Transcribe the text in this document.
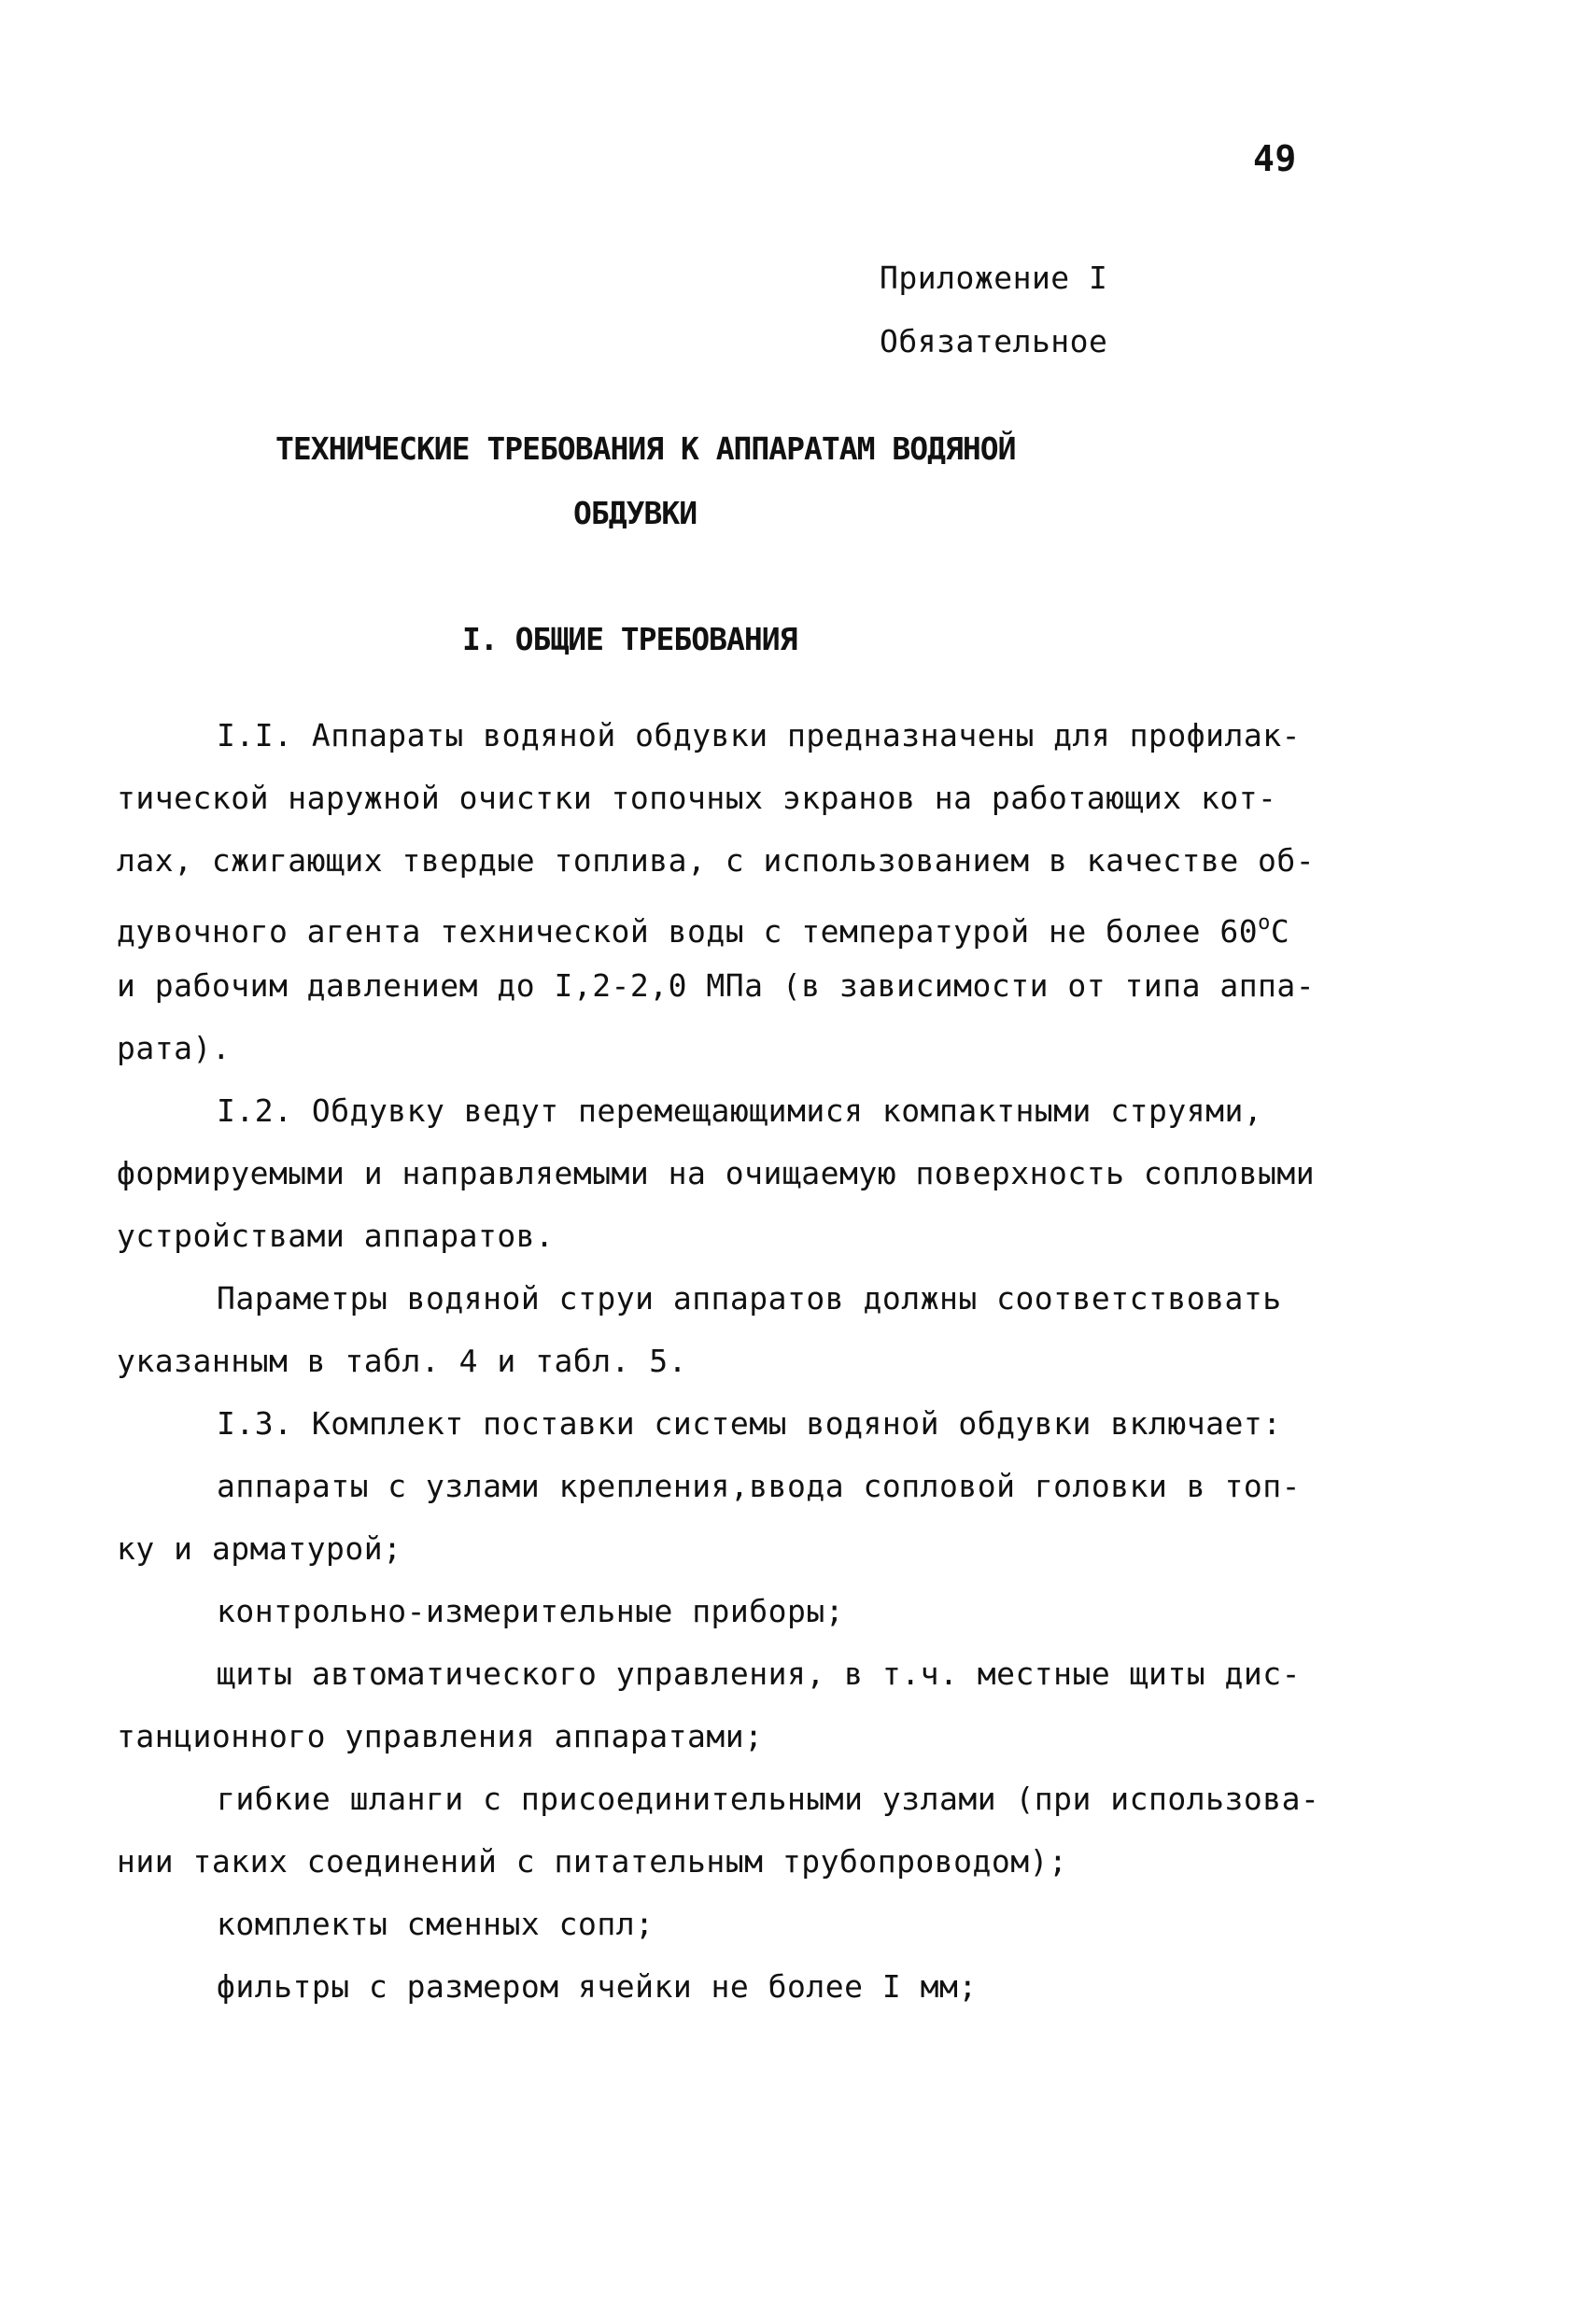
49
Приложение I
Обязательное
ТЕХНИЧЕСКИЕ ТРЕБОВАНИЯ К АППАРАТАМ ВОДЯНОЙ
ОБДУВКИ
I. ОБЩИЕ ТРЕБОВАНИЯ
I.I. Аппараты водяной обдувки предназначены для профилак-
тической наружной очистки топочных экранов на работающих кот-
лах, сжигающих твердые топлива, с использованием в качестве об-
дувочного агента технической воды с температурой не более $60^оС$
и рабочим давлением до I,2-2,0 МПа (в зависимости от типа аппа-
рата).
I.2. Обдувку ведут перемещающимися компактными струями,
формируемыми и направляемыми на очищаемую поверхность сопловыми
устройствами аппаратов.
Параметры водяной струи аппаратов должны соответствовать
указанным в табл. 4 и табл. 5.
I.3. Комплект поставки системы водяной обдувки включает:
аппараты с узлами крепления,ввода сопловой головки в топ-
ку и арматурой;
контрольно-измерительные приборы;
щиты автоматического управления, в т.ч. местные щиты дис-
танционного управления аппаратами;
гибкие шланги с присоединительными узлами (при использова-
нии таких соединений с питательным трубопроводом);
комплекты сменных сопл;
фильтры с размером ячейки не более I мм;
